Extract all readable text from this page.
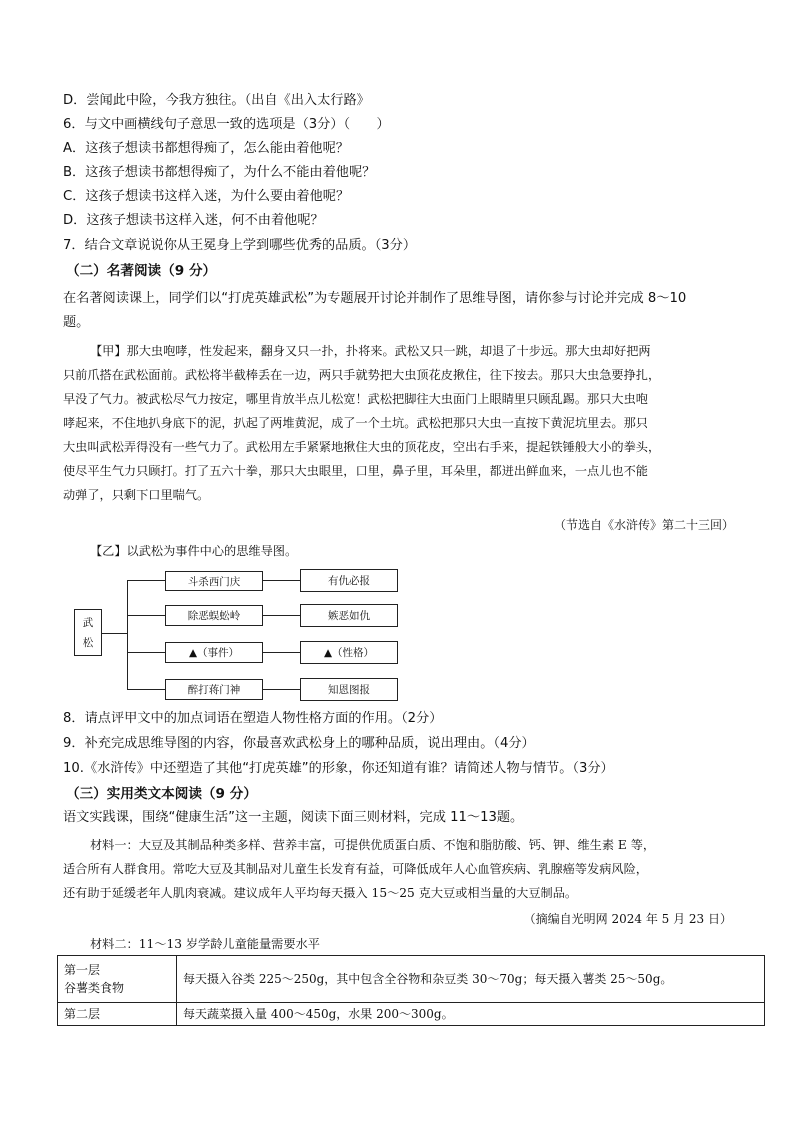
D．尝闻此中险，今我方独往。（出自《出入太行路》
6．与文中画横线句子意思一致的选项是（3分）（　　）
A．这孩子想读书都想得痴了，怎么能由着他呢？
B．这孩子想读书都想得痴了，为什么不能由着他呢？
C．这孩子想读书这样入迷，为什么要由着他呢？
D．这孩子想读书这样入迷，何不由着他呢？
7．结合文章说说你从王冕身上学到哪些优秀的品质。（3分）
（二）名著阅读（9 分）
在名著阅读课上，同学们以“打虎英雄武松”为专题展开讨论并制作了思维导图，请你参与讨论并完成 8～10
题。
【甲】那大虫咆哮，性发起来，翻身又只一扑，扑将来。武松又只一跳，却退了十步远。那大虫却好把两
只前爪搭在武松面前。武松将半截棒丢在一边，两只手就势把大虫顶花皮揪住，往下按去。那只大虫急要挣扎，
早没了气力。被武松尽气力按定，哪里肯放半点儿松宽！武松把脚往大虫面门上眼睛里只顾乱踢。那只大虫咆
哮起来，不住地扒身底下的泥，扒起了两堆黄泥，成了一个土坑。武松把那只大虫一直按下黄泥坑里去。那只
大虫叫武松弄得没有一些气力了。武松用左手紧紧地揪住大虫的顶花皮，空出右手来，提起铁锤般大小的拳头，
使尽平生气力只顾打。打了五六十拳，那只大虫眼里，口里，鼻子里，耳朵里，都迸出鲜血来，一点儿也不能
动弹了，只剩下口里喘气。
（节选自《水浒传》第二十三回）
【乙】以武松为事件中心的思维导图。
武
松
斗杀西门庆
除恶蜈蚣岭
▲（事件）
醉打蒋门神
有仇必报
嫉恶如仇
▲（性格）
知恩图报
8．请点评甲文中的加点词语在塑造人物性格方面的作用。（2分）
9．补充完成思维导图的内容，你最喜欢武松身上的哪种品质，说出理由。（4分）
10.《水浒传》中还塑造了其他“打虎英雄”的形象，你还知道有谁？请简述人物与情节。（3分）
（三）实用类文本阅读（9 分）
语文实践课，围绕“健康生活”这一主题，阅读下面三则材料，完成 11～13题。
材料一：大豆及其制品种类多样、营养丰富，可提供优质蛋白质、不饱和脂肪酸、钙、钾、维生素 E 等，
适合所有人群食用。常吃大豆及其制品对儿童生长发育有益，可降低成年人心血管疾病、乳腺癌等发病风险，
还有助于延缓老年人肌肉衰减。建议成年人平均每天摄入 15～25 克大豆或相当量的大豆制品。
（摘编自光明网 2024 年 5 月 23 日）
材料二：11～13 岁学龄儿童能量需要水平
第一层
谷薯类食物	每天摄入谷类 225～250g，其中包含全谷物和杂豆类 30～70g；每天摄入薯类 25～50g。

第二层	每天蔬菜摄入量 400～450g，水果 200～300g。
